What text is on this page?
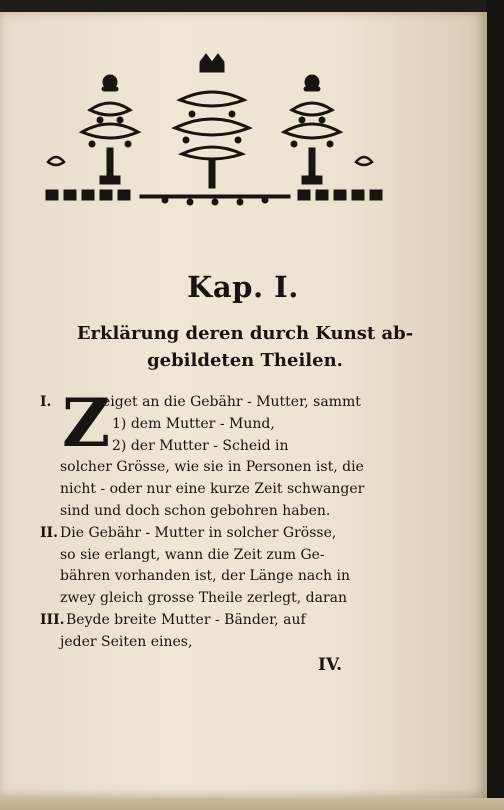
Kap. I.
Erklärung deren durch Kunst ab-
gebildeten Theilen.
I. Z
eiget an die Gebähr - Mutter, sammt
1) dem Mutter - Mund,
2) der Mutter - Scheid in
solcher Grösse, wie sie in Personen ist, die
nicht - oder nur eine kurze Zeit schwanger
sind und doch schon gebohren haben.
II. Die Gebähr - Mutter in solcher Grösse,
so sie erlangt, wann die Zeit zum Ge-
bähren vorhanden ist, der Länge nach in
zwey gleich grosse Theile zerlegt, daran
III. Beyde breite Mutter - Bänder, auf
jeder Seiten eines,
IV.
